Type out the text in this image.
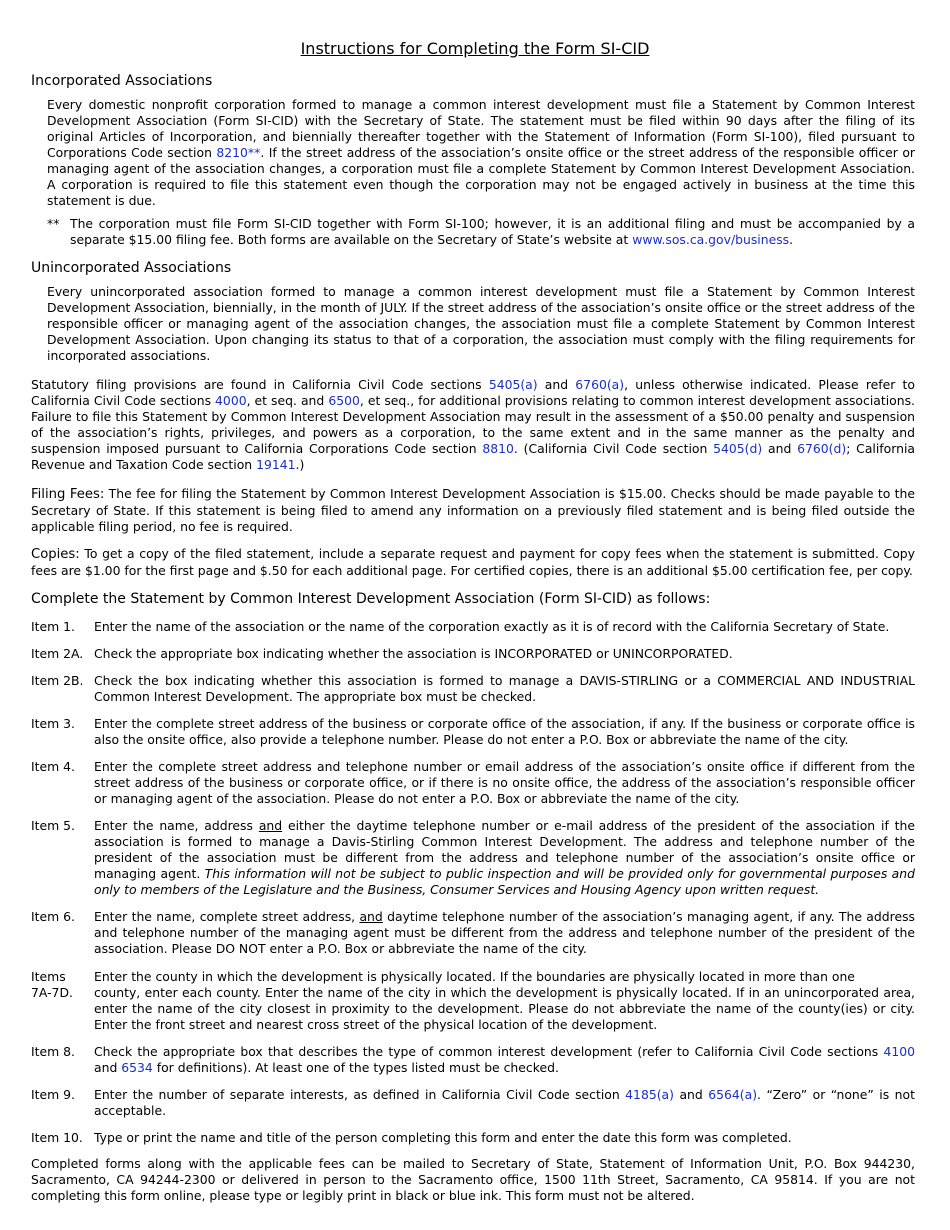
Instructions for Completing the Form SI-CID
Incorporated Associations
Every domestic nonprofit corporation formed to manage a common interest development must file a Statement by Common Interest Development Association (Form SI-CID) with the Secretary of State. The statement must be filed within 90 days after the filing of its original Articles of Incorporation, and biennially thereafter together with the Statement of Information (Form SI-100), filed pursuant to Corporations Code section 8210**. If the street address of the association’s onsite office or the street address of the responsible officer or managing agent of the association changes, a corporation must file a complete Statement by Common Interest Development Association. A corporation is required to file this statement even though the corporation may not be engaged actively in business at the time this statement is due.
** The corporation must file Form SI-CID together with Form SI-100; however, it is an additional filing and must be accompanied by a separate $15.00 filing fee. Both forms are available on the Secretary of State’s website at www.sos.ca.gov/business.
Unincorporated Associations
Every unincorporated association formed to manage a common interest development must file a Statement by Common Interest Development Association, biennially, in the month of JULY. If the street address of the association’s onsite office or the street address of the responsible officer or managing agent of the association changes, the association must file a complete Statement by Common Interest Development Association. Upon changing its status to that of a corporation, the association must comply with the filing requirements for incorporated associations.
Statutory filing provisions are found in California Civil Code sections 5405(a) and 6760(a), unless otherwise indicated. Please refer to California Civil Code sections 4000, et seq. and 6500, et seq., for additional provisions relating to common interest development associations. Failure to file this Statement by Common Interest Development Association may result in the assessment of a $50.00 penalty and suspension of the association’s rights, privileges, and powers as a corporation, to the same extent and in the same manner as the penalty and suspension imposed pursuant to California Corporations Code section 8810. (California Civil Code section 5405(d) and 6760(d); California Revenue and Taxation Code section 19141.)
Filing Fees: The fee for filing the Statement by Common Interest Development Association is $15.00. Checks should be made payable to the Secretary of State. If this statement is being filed to amend any information on a previously filed statement and is being filed outside the applicable filing period, no fee is required.
Copies: To get a copy of the filed statement, include a separate request and payment for copy fees when the statement is submitted. Copy fees are $1.00 for the first page and $.50 for each additional page. For certified copies, there is an additional $5.00 certification fee, per copy.
Complete the Statement by Common Interest Development Association (Form SI-CID) as follows:
Item 1. Enter the name of the association or the name of the corporation exactly as it is of record with the California Secretary of State.
Item 2A. Check the appropriate box indicating whether the association is INCORPORATED or UNINCORPORATED.
Item 2B. Check the box indicating whether this association is formed to manage a DAVIS-STIRLING or a COMMERCIAL AND INDUSTRIAL Common Interest Development. The appropriate box must be checked.
Item 3. Enter the complete street address of the business or corporate office of the association, if any. If the business or corporate office is also the onsite office, also provide a telephone number. Please do not enter a P.O. Box or abbreviate the name of the city.
Item 4. Enter the complete street address and telephone number or email address of the association’s onsite office if different from the street address of the business or corporate office, or if there is no onsite office, the address of the association’s responsible officer or managing agent of the association. Please do not enter a P.O. Box or abbreviate the name of the city.
Item 5. Enter the name, address and either the daytime telephone number or e-mail address of the president of the association if the association is formed to manage a Davis-Stirling Common Interest Development. The address and telephone number of the president of the association must be different from the address and telephone number of the association’s onsite office or managing agent. This information will not be subject to public inspection and will be provided only for governmental purposes and only to members of the Legislature and the Business, Consumer Services and Housing Agency upon written request.
Item 6. Enter the name, complete street address, and daytime telephone number of the association’s managing agent, if any. The address and telephone number of the managing agent must be different from the address and telephone number of the president of the association. Please DO NOT enter a P.O. Box or abbreviate the name of the city.
Items
7A-7D.
Enter the county in which the development is physically located. If the boundaries are physically located in more than one
county, enter each county. Enter the name of the city in which the development is physically located. If in an unincorporated area, enter the name of the city closest in proximity to the development. Please do not abbreviate the name of the county(ies) or city. Enter the front street and nearest cross street of the physical location of the development.
Item 8. Check the appropriate box that describes the type of common interest development (refer to California Civil Code sections 4100 and 6534 for definitions). At least one of the types listed must be checked.
Item 9. Enter the number of separate interests, as defined in California Civil Code section 4185(a) and 6564(a). “Zero” or “none” is not acceptable.
Item 10. Type or print the name and title of the person completing this form and enter the date this form was completed.
Completed forms along with the applicable fees can be mailed to Secretary of State, Statement of Information Unit, P.O. Box 944230, Sacramento, CA 94244-2300 or delivered in person to the Sacramento office, 1500 11th Street, Sacramento, CA 95814. If you are not completing this form online, please type or legibly print in black or blue ink. This form must not be altered.
